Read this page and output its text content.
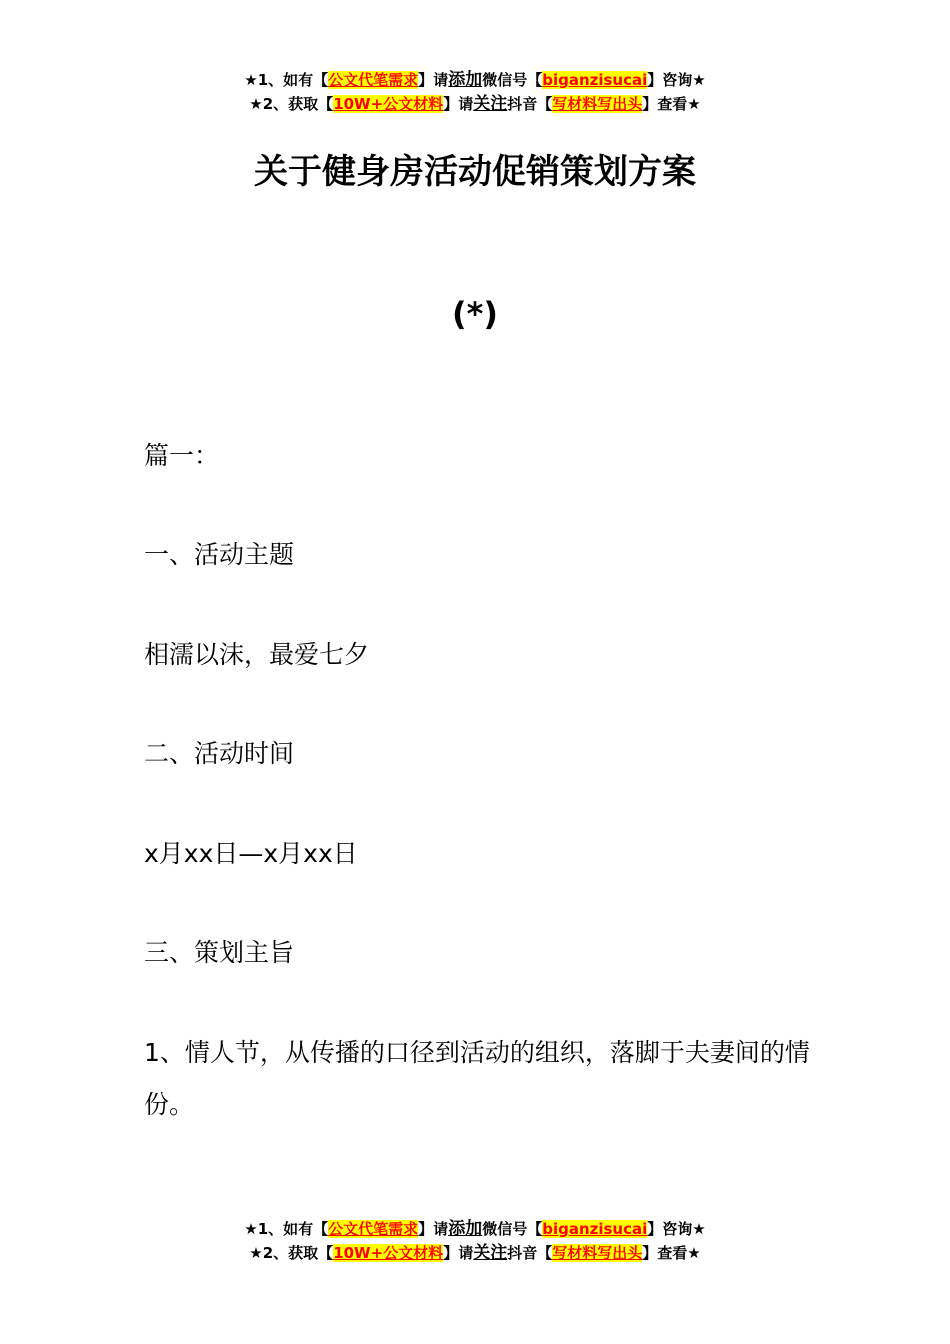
★1、如有【公文代笔需求】请添加微信号【biganzisucai】咨询★
★2、获取【10W+公文材料】请关注抖音【写材料写出头】查看★
关于健身房活动促销策划方案
(*)
篇一：
一、活动主题
相濡以沫，最爱七夕
二、活动时间
x月xx日—x月xx日
三、策划主旨
1、情人节，从传播的口径到活动的组织，落脚于夫妻间的情份。
★1、如有【公文代笔需求】请添加微信号【biganzisucai】咨询★
★2、获取【10W+公文材料】请关注抖音【写材料写出头】查看★
